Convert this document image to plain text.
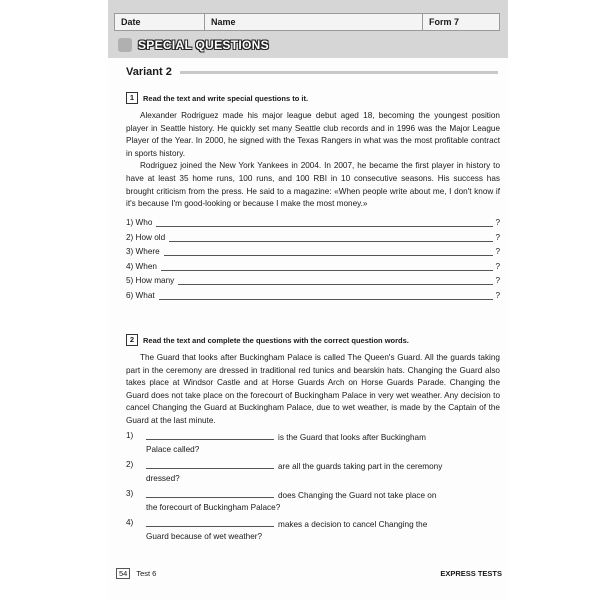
Date	Name	Form 7
SPECIAL QUESTIONS
Variant 2
1	Read the text and write special questions to it.

Alexander Rodriguez made his major league debut aged 18, becoming the youngest position player in Seattle history. He quickly set many Seattle club records and in 1996 was the Major League Player of the Year. In 2000, he signed with the Texas Rangers in what was the most profitable contract in sports history.

Rodriguez joined the New York Yankees in 2004. In 2007, he became the first player in history to have at least 35 home runs, 100 runs, and 100 RBI in 10 consecutive seasons. His success has brought criticism from the press. He said to a magazine: «When people write about me, I don't know if it's because I'm good-looking or because I make the most money.»

1) Who	?
2) How old	?
3) Where	?
4) When	?
5) How many	?
6) What	?
2	Read the text and complete the questions with the correct question words.

The Guard that looks after Buckingham Palace is called The Queen's Guard. All the guards taking part in the ceremony are dressed in traditional red tunics and bearskin hats. Changing the Guard also takes place at Windsor Castle and at Horse Guards Arch on Horse Guards Parade. Changing the Guard does not take place on the forecourt of Buckingham Palace in very wet weather. Any decision to cancel Changing the Guard at Buckingham Palace, due to wet weather, is made by the Captain of the Guard at the last minute.

1)	is the Guard that looks after Buckingham
Palace called?
2)	are all the guards taking part in the ceremony
dressed?
3)	does Changing the Guard not take place on
the forecourt of Buckingham Palace?
4)	makes a decision to cancel Changing the
Guard because of wet weather?
54	Test 6	EXPRESS TESTS
